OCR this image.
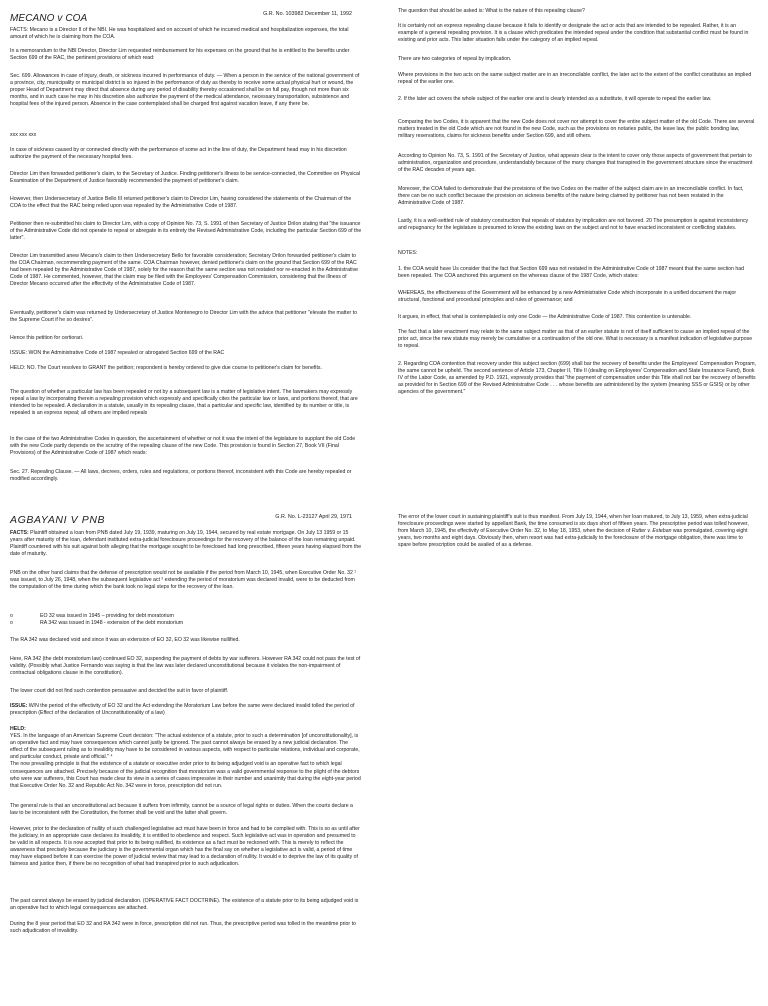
MECANO v COA	G.R. No. 103982 December 11, 1992

FACTS: Mecano is a Director II of the NBI. He was hospitalized and on account of which he incurred medical and hospitalization expenses, the total amount of which he is claiming from the COA.

In a memorandum to the NBI Director, Director Lim requested reimbursement for his expenses on the ground that he is entitled to the benefits under Section 699 of the RAC, the pertinent provisions of which read:

Sec. 699. Allowances in case of injury, death, or sickness incurred in performance of duty. — When a person in the service of the national government of a province, city, municipality or municipal district is so injured in the performance of duty as thereby to receive some actual physical hurt or wound, the proper Head of Department may direct that absence during any period of disability thereby occasioned shall be on full pay, though not more than six months, and in such case he may in his discretion also authorize the payment of the medical attendance, necessary transportation, subsistence and hospital fees of the injured person. Absence in the case contemplated shall be charged first against vacation leave, if any there be.

xxx xxx xxx

In case of sickness caused by or connected directly with the performance of some act in the line of duty, the Department head may in his discretion authorize the payment of the necessary hospital fees.

Director Lim then forwarded petitioner's claim, to the Secretary of Justice. Finding petitioner's illness to be service-connected, the Committee on Physical Examination of the Department of Justice favorably recommended the payment of petitioner's claim.

However, then Undersecretary of Justice Bello III returned petitioner's claim to Director Lim, having considered the statements of the Chairman of the COA to the effect that the RAC being relied upon was repealed by the Administrative Code of 1987.

Petitioner then re-submitted his claim to Director Lim, with a copy of Opinion No. 73, S. 1991 of then Secretary of Justice Drilon stating that "the issuance of the Administrative Code did not operate to repeal or abregate in its entirety the Revised Administrative Code, including the particular Section 699 of the latter".

Director Lim transmitted anew Mecano's claim to then Undersecretary Bello for favorable consideration; Secretary Drilon forwarded petitioner's claim to the COA Chairman, recommending payment of the same. COA Chairman however, denied petitioner's claim on the ground that Section 699 of the RAC had been repealed by the Administrative Code of 1987, solely for the reason that the same section was not restated nor re-enacted in the Administrative Code of 1987. He commented, however, that the claim may be filed with the Employees' Compensation Commission, considering that the illness of Director Mecano occurred after the effectivity of the Administrative Code of 1987.

Eventually, petitioner's claim was returned by Undersecretary of Justice Montenegro to Director Lim with the advice that petitioner "elevate the matter to the Supreme Court if he so desires".

Hence this petition for certiorari.

ISSUE: WON the Administrative Code of 1987 repealed or abrogated Section 699 of the RAC

HELD: NO. The Court resolves to GRANT the petition; respondent is hereby ordered to give due course to petitioner's claim for benefits.

The question of whether a particular law has been repealed or not by a subsequent law is a matter of legislative intent. The lawmakers may expressly repeal a law by incorporating therein a repealing provision which expressly and specifically cites the particular law or laws, and portions thereof, that are intended to be repealed. A declaration in a statute, usually in its repealing clause, that a particular and specific law, identified by its number or title, is repealed is an express repeal; all others are implied repeals

In the case of the two Administrative Codes in question, the ascertainment of whether or not it was the intent of the legislature to supplant the old Code with the new Code partly depends on the scrutiny of the repealing clause of the new Code. This provision is found in Section 27, Book VII (Final Provisions) of the Administrative Code of 1987 which reads:

Sec. 27. Repealing Clause. — All laws, decrees, orders, rules and regulations, or portions thereof, inconsistent with this Code are hereby repealed or modified accordingly.

AGBAYANI V PNB	G.R. No. L-23127 April 29, 1971

FACTS: Plaintiff obtained a loan from PNB dated July 19, 1939, maturing on July 19, 1944, secured by real estate mortgage. On July 13 1959 or 15 years after maturity of the loan, defendant instituted extra-judicial foreclosure proceedings for the recovery of the balance of the loan remaining unpaid. Plaintiff countered with his suit against both alleging that the mortgage sought to be foreclosed had long prescribed, fifteen years having elapsed from the date of maturity.

PNB on the other hand claims that the defense of prescription would not be available if the period from March 10, 1945, when Executive Order No. 32 ¹ was issued, to July 26, 1948, when the subsequent legislative act ² extending the period of moratorium was declared invalid, were to be deducted from the computation of the time during which the bank took no legal steps for the recovery of the loan.

o	EO 32 was issued in 1945 – providing for debt moratorium
o	RA 342 was issued in 1948 - extension of the debt moratorium

The RA 342 was declared void and since it was an extension of EO 32, EO 32 was likewise nullified.

Here, RA 342 (the debt moratorium law) continued EO 32, suspending the payment of debts by war sufferers. However RA 342 could not pass the test of validity. (Possibly what Justice Fernando was saying is that the law was later declared unconstitutional because it violates the non-impairment of contractual obligations clause in the constitution).

The lower court did not find such contention persuasive and decided the suit in favor of plaintiff.

ISSUE: W/N the period of the effectivity of EO 32 and the Act extending the Moratorium Law before the same were declared invalid tolled the period of prescription (Effect of the declaration of Unconstitutionality of a law)

HELD:

YES. In the language of an American Supreme Court decision: "The actual existence of a statute, prior to such a determination [of unconstitutionality], is an operative fact and may have consequences which cannot justly be ignored. The past cannot always be erased by a new judicial declaration. The effect of the subsequent ruling as to invalidity may have to be considered in various aspects, with respect to particular relations, individual and corporate, and particular conduct, private and official." ⁴

The now prevailing principle is that the existence of a statute or executive order prior to its being adjudged void is an operative fact to which legal consequences are attached. Precisely because of the judicial recognition that moratorium was a valid governmental response to the plight of the debtors who were war sufferers, this Court has made clear its view in a series of cases impressive in their number and unanimity that during the eight-year period that Executive Order No. 32 and Republic Act No. 342 were in force, prescription did not run.

The general rule is that an unconstitutional act because it suffers from infirmity, cannot be a source of legal rights or duties. When the courts declare a law to be inconsistent with the Constitution, the former shall be void and the latter shall govern.

However, prior to the declaration of nullity of such challenged legislative act must have been in force and had to be complied with. This is so as until after the judiciary, in an appropriate case declares its invalidity, it is entitled to obedience and respect. Such legislative act was in operation and presumed to be valid in all respects. It is now accepted that prior to its being nullified, its existence as a fact must be reckoned with. This is merely to reflect the awareness that precisely because the judiciary is the governmental organ which has the final say on whether a legislative act is valid, a period of time may have elapsed before it can exercise the power of judicial review that may lead to a declaration of nullity. It would e to deprive the law of its quality of fairness and justice then, if there be no recognition of what had transpired prior to such adjudication.

The past cannot always be erased by judicial declaration. (OPERATIVE FACT DOCTRINE). The existence of a statute prior to its being adjudged void is an operative fact to which legal consequences are attached.

During the 8 year period that EO 32 and RA 342 were in force, prescription did not run. Thus, the prescriptive period was tolled in the meantime prior to such adjudication of invalidity.

The question that should be asked is: What is the nature of this repealing clause?

It is certainly not an express repealing clause because it fails to identify or designate the act or acts that are intended to be repealed. Rather, it is an example of a general repealing provision. It is a clause which predicates the intended repeal under the condition that substantial conflict must be found in existing and prior acts. This latter situation falls under the category of an implied repeal.

There are two categories of repeal by implication.

Where provisions in the two acts on the same subject matter are in an irreconcilable conflict, the later act to the extent of the conflict constitutes an implied repeal of the earlier one.

2. If the later act covers the whole subject of the earlier one and is clearly intended as a substitute, it will operate to repeal the earlier law.

Comparing the two Codes, it is apparent that the new Code does not cover nor attempt to cover the entire subject matter of the old Code. There are several matters treated in the old Code which are not found in the new Code, such as the provisions on notaries public, the leave law, the public bonding law, military reservations, claims for sickness benefits under Section 699, and still others.

According to Opinion No. 73, S. 1991 of the Secretary of Justice, what appears clear is the intent to cover only those aspects of government that pertain to administration, organization and procedure, understandably because of the many changes that transpired in the government structure since the enactment of the RAC decades of years ago.

Moreover, the COA failed to demonstrate that the provisions of the two Codes on the matter of the subject claim are in an irreconcilable conflict. In fact, there can be no such conflict because the provision on sickness benefits of the nature being claimed by petitioner has not been restated in the Administrative Code of 1987.

Lastly, it is a well-settled rule of statutory construction that repeals of statutes by implication are not favored. 20 The presumption is against inconsistency and repugnancy for the legislature is presumed to know the existing laws on the subject and not to have enacted inconsistent or conflicting statutes.

NOTES:

1. the COA would have Us consider that the fact that Section 699 was not restated in the Administrative Code of 1987 meant that the same section had been repealed. The COA anchored this argument on the whereas clause of the 1987 Code, which states:

WHEREAS, the effectiveness of the Government will be enhanced by a new Administrative Code which incorporate in a unified document the major structural, functional and procedural principles and rules of governance; and

It argues, in effect, that what is contemplated is only one Code — the Administrative Code of 1987. This contention is untenable.

The fact that a later enactment may relate to the same subject matter as that of an earlier statute is not of itself sufficient to cause an implied repeal of the prior act, since the new statute may merely be cumulative or a continuation of the old one. What is necessary is a manifest indication of legislative purpose to repeal.

2. Regarding COA contention that recovery under this subject section (699) shall bar the recovery of benefits under the Employees' Compensation Program, the same cannot be upheld. The second sentence of Article 173, Chapter II, Title II (dealing on Employees' Compensation and State Insurance Fund), Book IV of the Labor Code, as amended by P.D. 1921, expressly provides that "the payment of compensation under this Title shall not bar the recovery of benefits as provided for in Section 699 of the Revised Administrative Code . . . whose benefits are administered by the system (meaning SSS or GSIS) or by other agencies of the government."

The error of the lower court in sustaining plaintiff's suit is thus manifest. From July 19, 1944, when her loan matured, to July 13, 1959, when extra-judicial foreclosure proceedings were started by appellant Bank, the time consumed is six days short of fifteen years. The prescriptive period was tolled however, from March 10, 1945, the effectivity of Executive Order No. 32, to May 18, 1953, when the decision of Rutter v. Esteban was promulgated, covering eight years, two months and eight days. Obviously then, when resort was had extra-judicially to the foreclosure of the mortgage obligation, there was time to spare before prescription could be availed of as a defense.
